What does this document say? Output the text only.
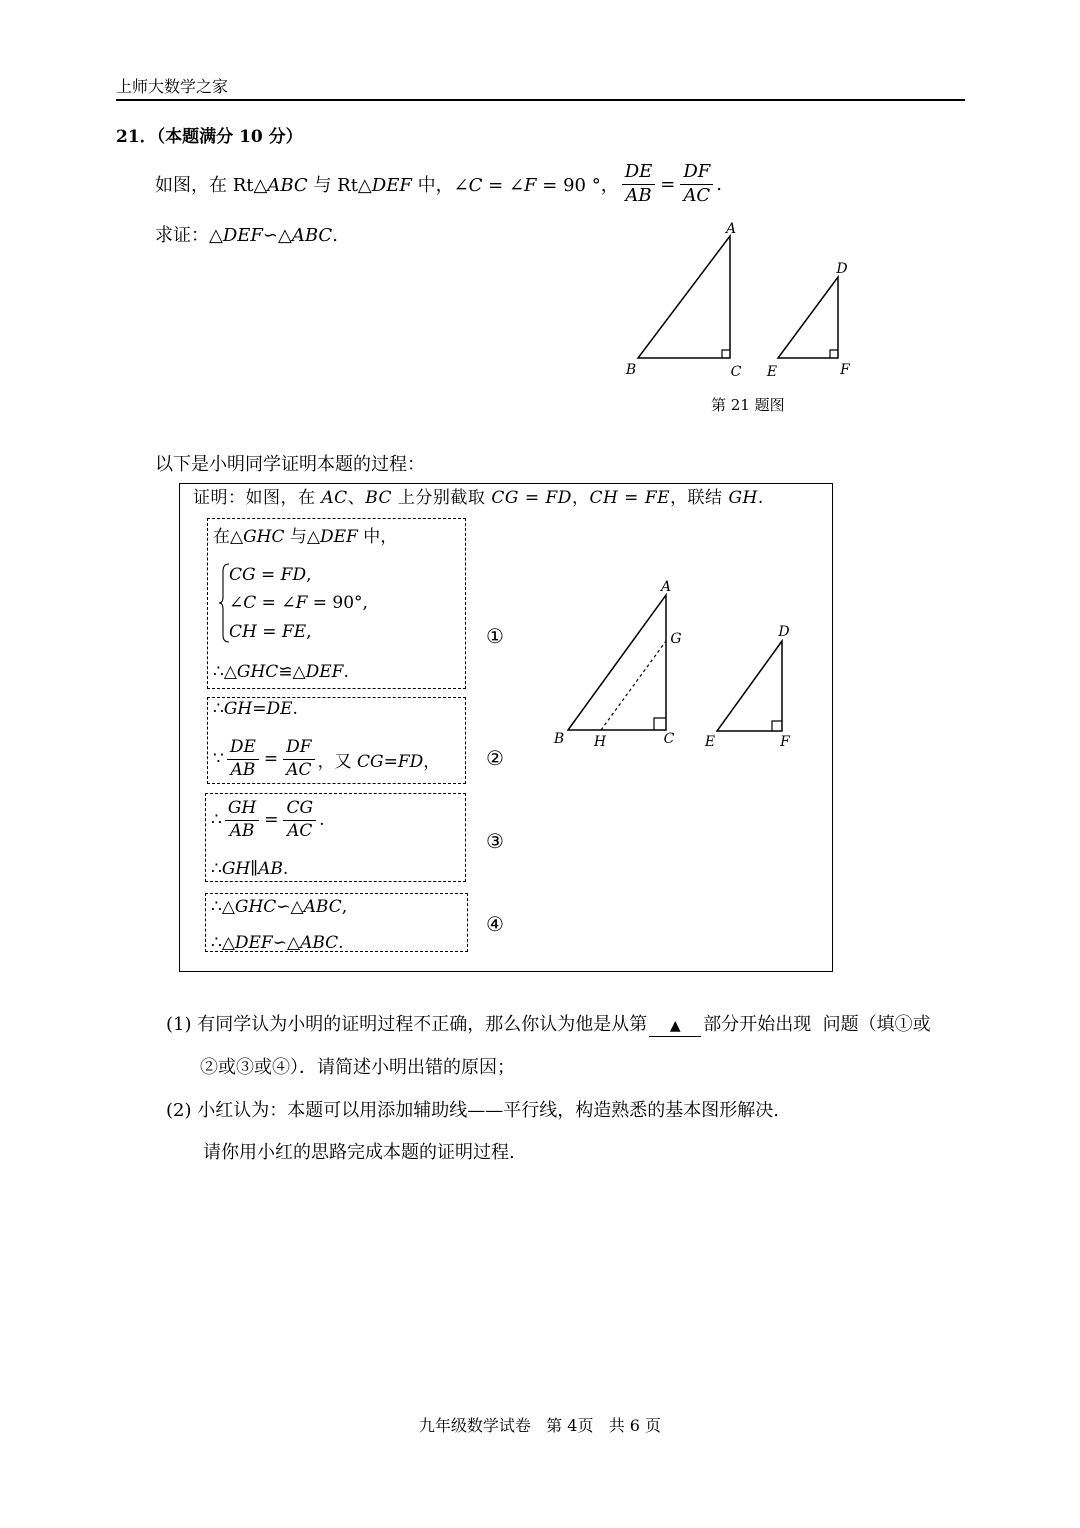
上师大数学之家
21．（本题满分 10 分）
如图，在 Rt△ABC 与 Rt△DEF 中，∠C = ∠F = 90 °， $\frac{DE}{AB} = \frac{DF}{AC}$ .
求证：△DEF∽△ABC.	A
B	C
D
E	F
第 21 题图
以下是小明同学证明本题的过程：
证明：如图，在 AC、BC 上分别截取 CG = FD，CH = FE，联结 GH.
在△GHC 与△DEF 中，
CG = FD,
∠C = ∠F = 90°,
CH = FE,
∴△GHC≌△DEF.
①
∴GH=DE.
∵ $\frac{DE}{AB} = \frac{DF}{AC}$ ，又 CG=FD， ②
∴ $\frac{GH}{AB} = \frac{CG}{AC}$ .
∴GH∥AB.
③
∴△GHC∽△ABC,
∴△DEF∽△ABC.
④
A
G
B H	C
D
E	F
(1) 有同学认为小明的证明过程不正确，那么你认为他是从第 ▲ 部分开始出现  问题（填①或
②或③或④）．请简述小明出错的原因；
(2) 小红认为：本题可以用添加辅助线——平行线，构造熟悉的基本图形解决.
请你用小红的思路完成本题的证明过程.
九年级数学试卷   第 4页   共 6 页
